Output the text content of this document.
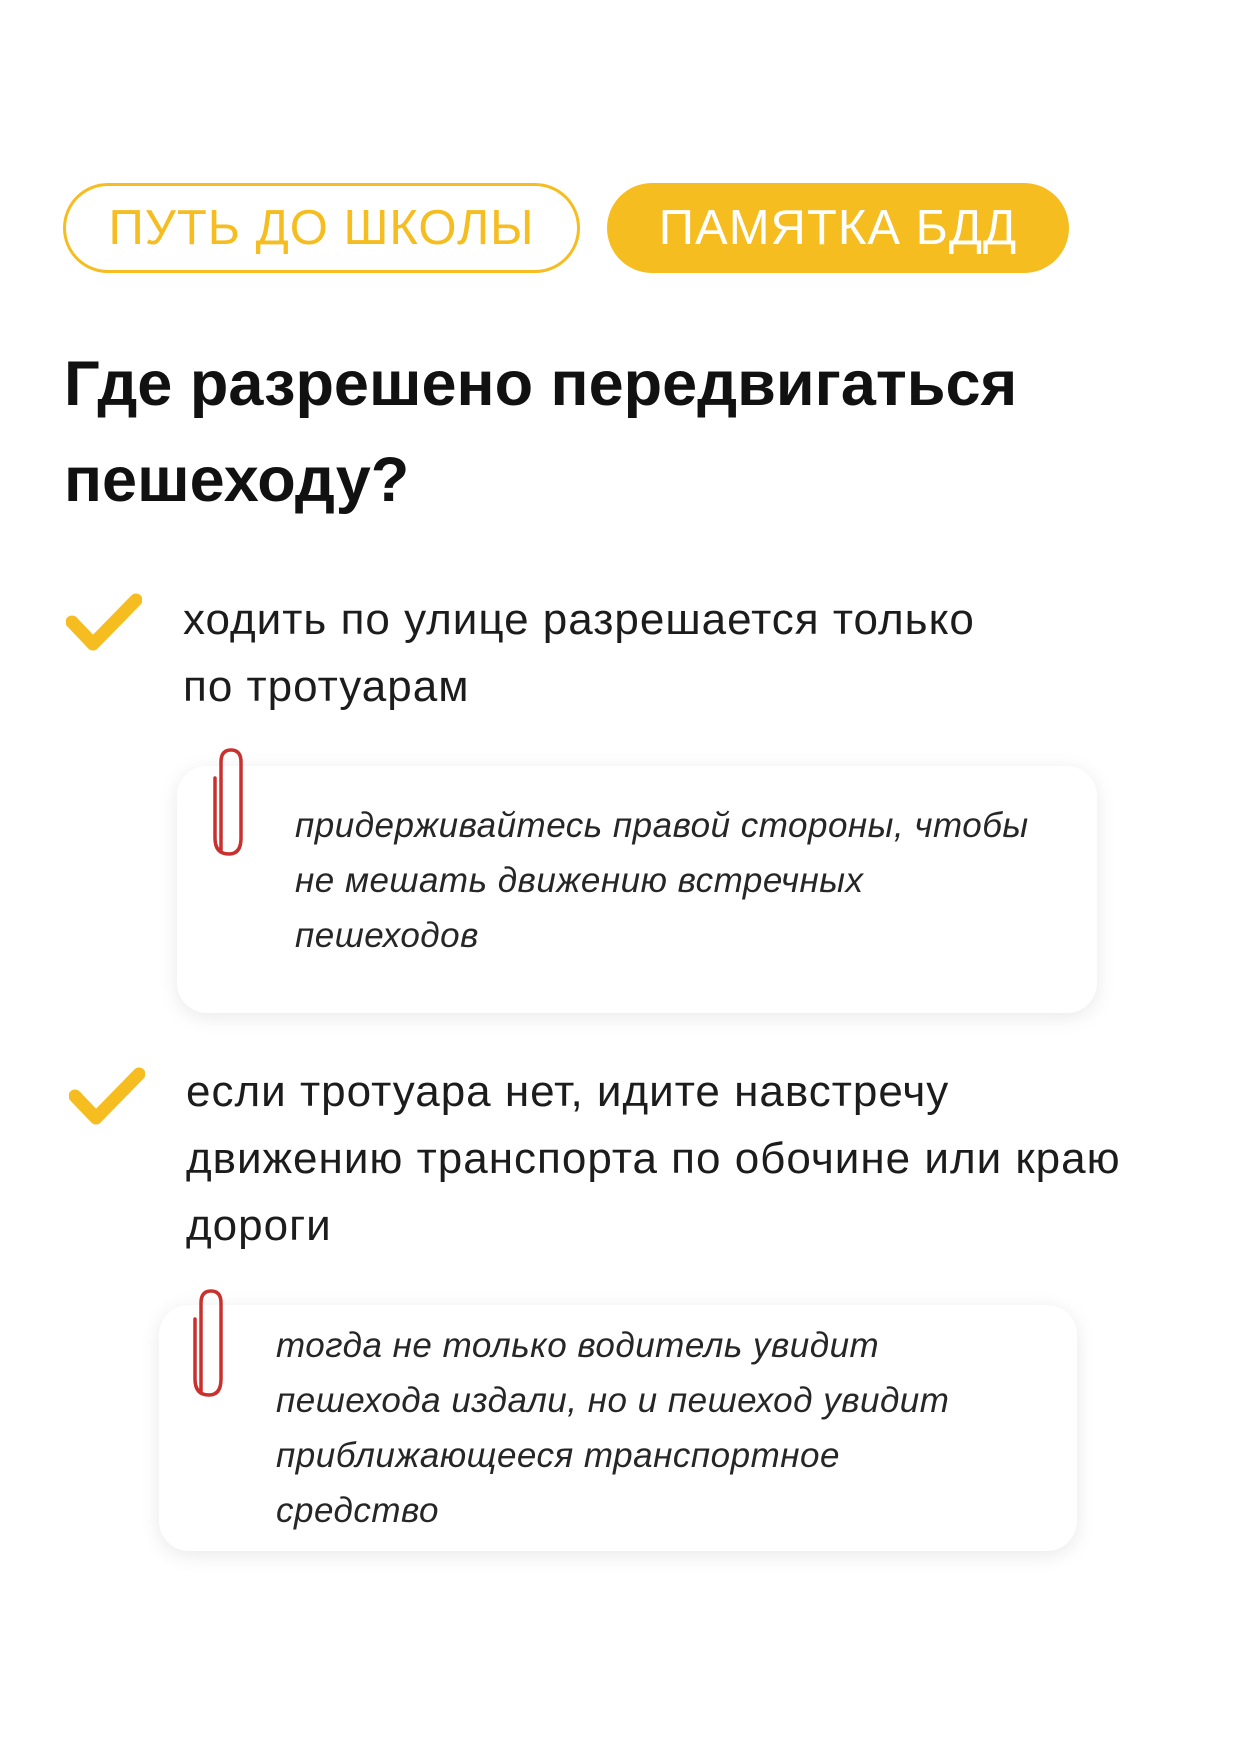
ПУТЬ ДО ШКОЛЫ	ПАМЯТКА БДД
Где разрешено передвигаться пешеходу?
ходить по улице разрешается только по тротуарам
придерживайтесь правой стороны, чтобы не мешать движению встречных пешеходов
если тротуара нет, идите навстречу движению транспорта по обочине или краю дороги
тогда не только водитель увидит пешехода издали, но и пешеход увидит приближающееся транспортное средство
